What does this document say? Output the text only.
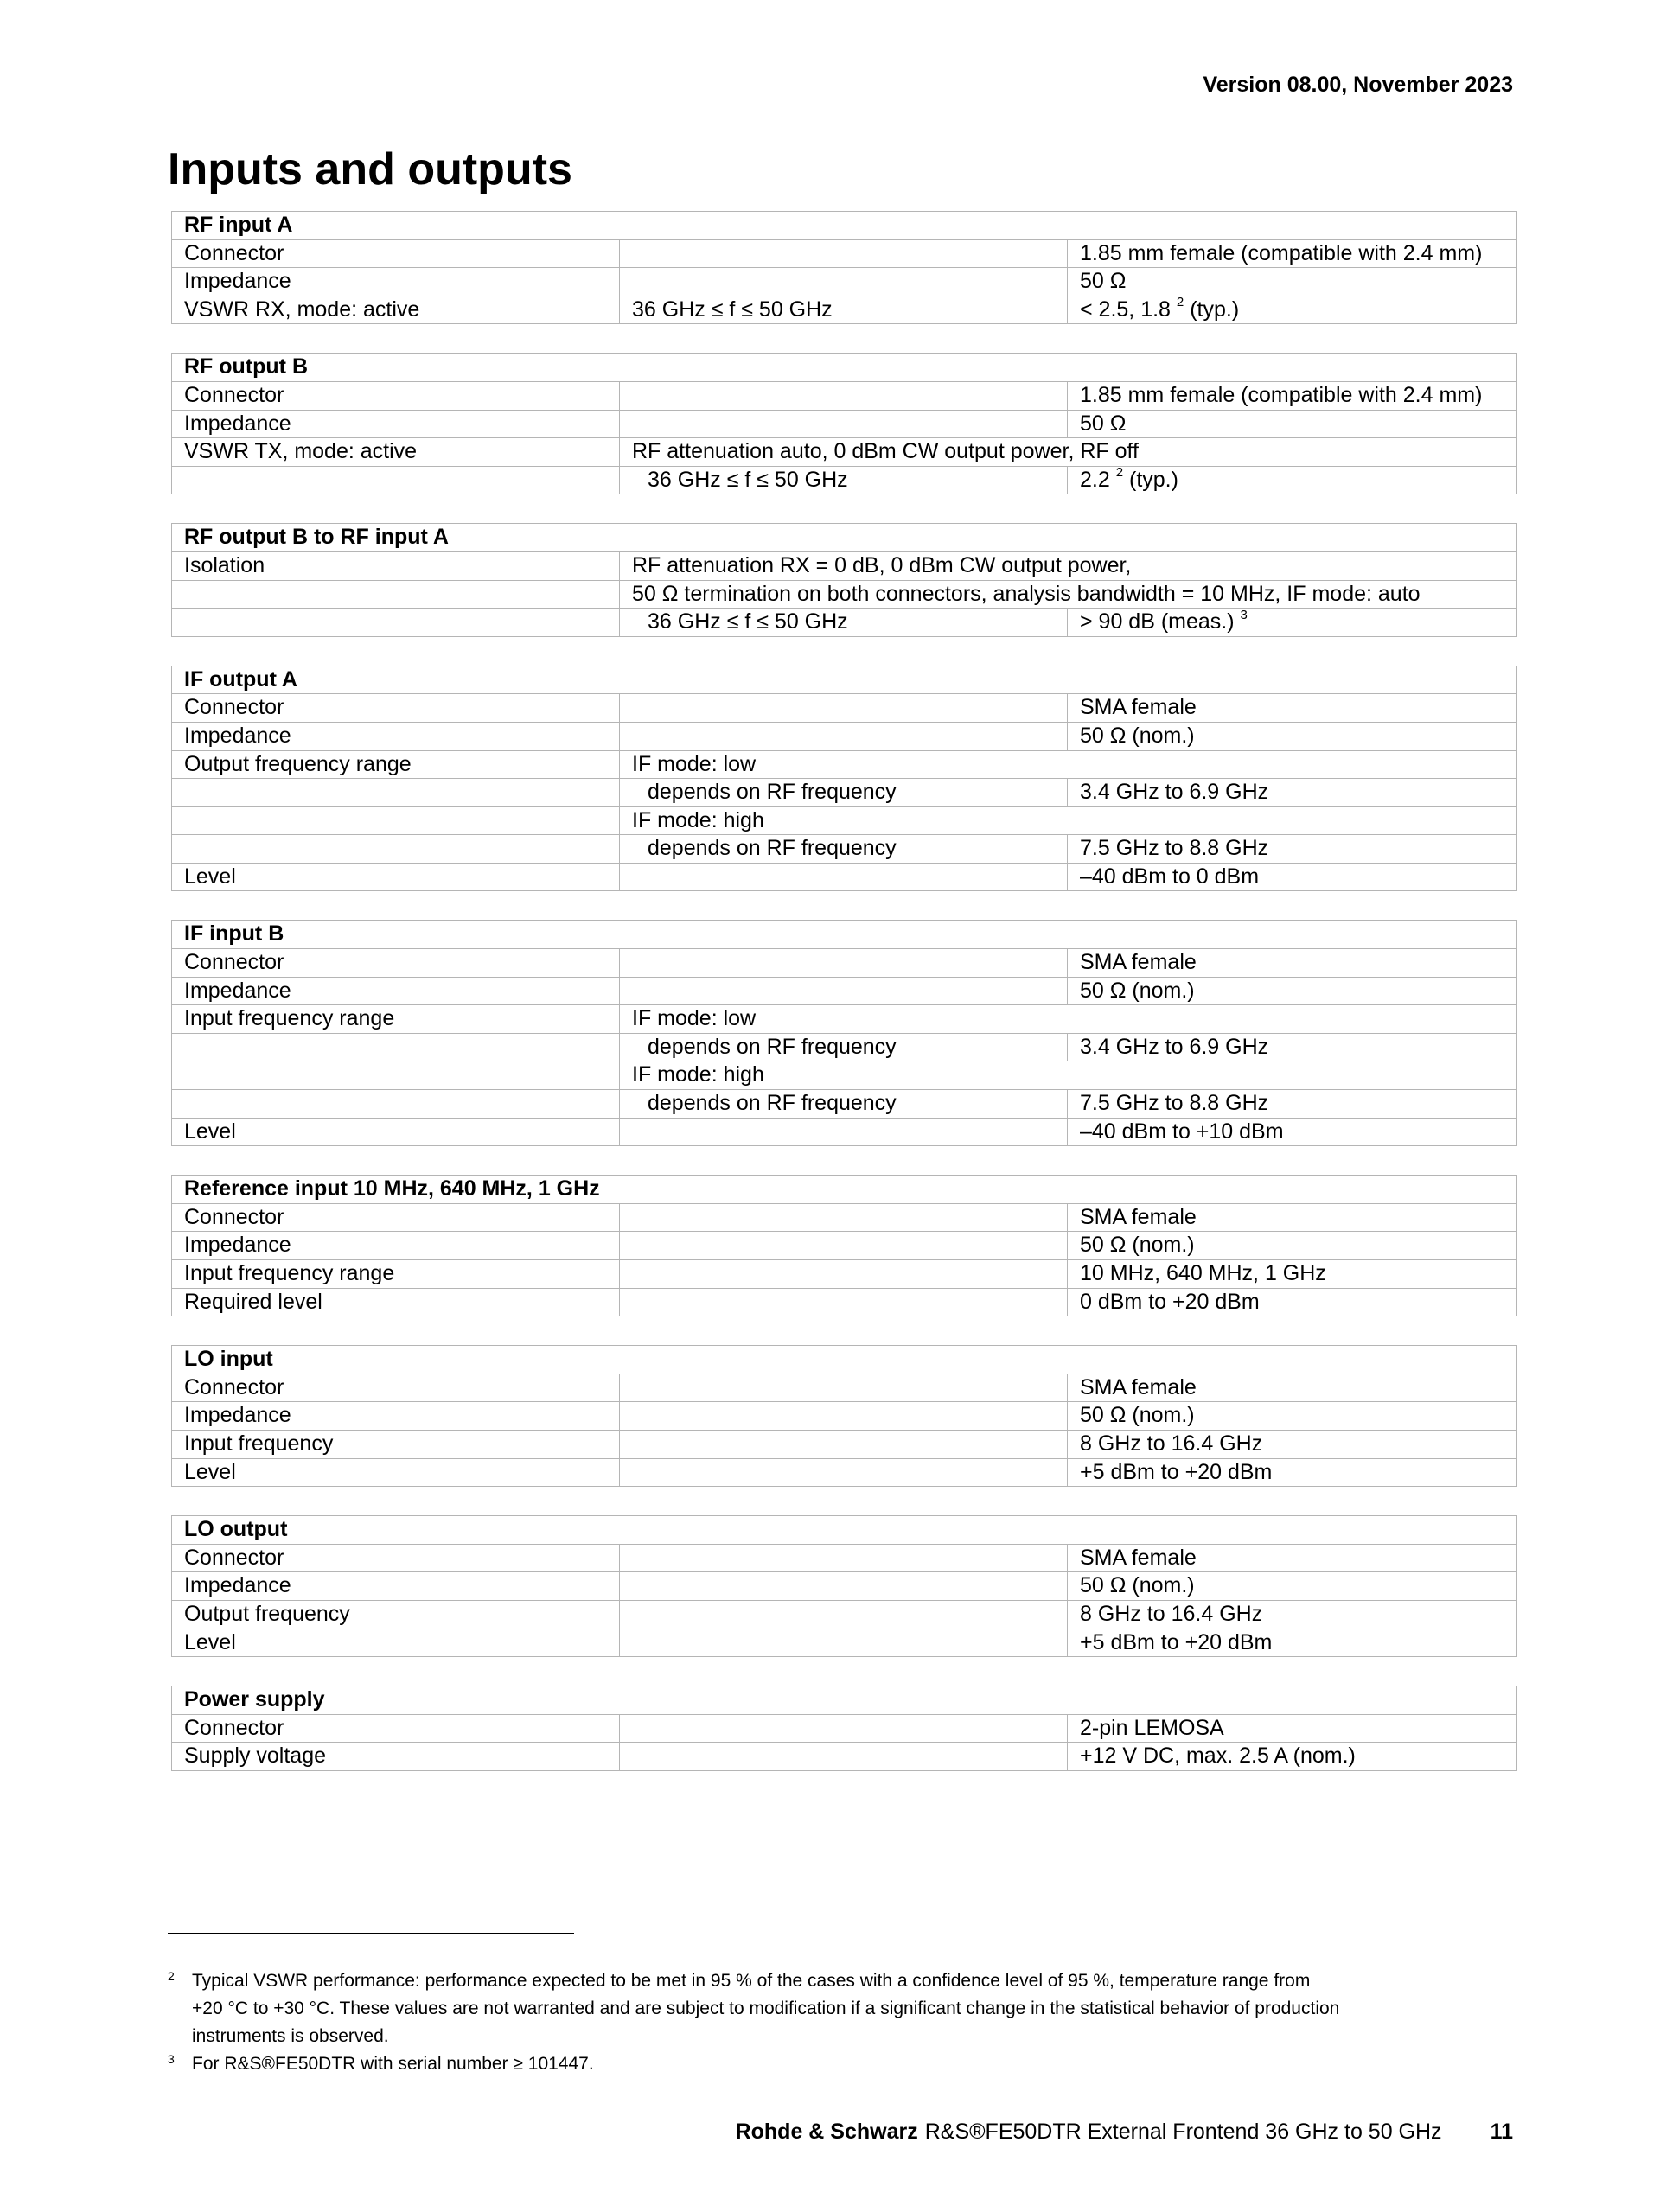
Version 08.00, November 2023
Inputs and outputs
RF input A		
Connector		1.85 mm female (compatible with 2.4 mm)
Impedance		50 Ω
VSWR RX, mode: active	36 GHz ≤ f ≤ 50 GHz	< 2.5, 1.8 $^2$ (typ.)
RF output B		
Connector		1.85 mm female (compatible with 2.4 mm)
Impedance		50 Ω
VSWR TX, mode: active	RF attenuation auto, 0 dBm CW output power, RF off	
	36 GHz ≤ f ≤ 50 GHz	2.2 $^2$ (typ.)
RF output B to RF input A		
Isolation	RF attenuation RX = 0 dB, 0 dBm CW output power,	
	50 Ω termination on both connectors, analysis bandwidth = 10 MHz, IF mode: auto	
	36 GHz ≤ f ≤ 50 GHz	> 90 dB (meas.) $^3$
IF output A		
Connector		SMA female
Impedance		50 Ω (nom.)
Output frequency range	IF mode: low	
	depends on RF frequency	3.4 GHz to 6.9 GHz
	IF mode: high	
	depends on RF frequency	7.5 GHz to 8.8 GHz
Level		–40 dBm to 0 dBm
IF input B		
Connector		SMA female
Impedance		50 Ω (nom.)
Input frequency range	IF mode: low	
	depends on RF frequency	3.4 GHz to 6.9 GHz
	IF mode: high	
	depends on RF frequency	7.5 GHz to 8.8 GHz
Level		–40 dBm to +10 dBm
Reference input 10 MHz, 640 MHz, 1 GHz		
Connector		SMA female
Impedance		50 Ω (nom.)
Input frequency range		10 MHz, 640 MHz, 1 GHz
Required level		0 dBm to +20 dBm
LO input		
Connector		SMA female
Impedance		50 Ω (nom.)
Input frequency		8 GHz to 16.4 GHz
Level		+5 dBm to +20 dBm
LO output		
Connector		SMA female
Impedance		50 Ω (nom.)
Output frequency		8 GHz to 16.4 GHz
Level		+5 dBm to +20 dBm
Power supply		
Connector		2-pin LEMOSA
Supply voltage		+12 V DC, max. 2.5 A (nom.)
2 Typical VSWR performance: performance expected to be met in 95 % of the cases with a confidence level of 95 %, temperature range from
+20 °C to +30 °C. These values are not warranted and are subject to modification if a significant change in the statistical behavior of production
instruments is observed.
3 For R&S®FE50DTR with serial number ≥ 101447.
Rohde & Schwarz R&S®FE50DTR External Frontend 36 GHz to 50 GHz 11
